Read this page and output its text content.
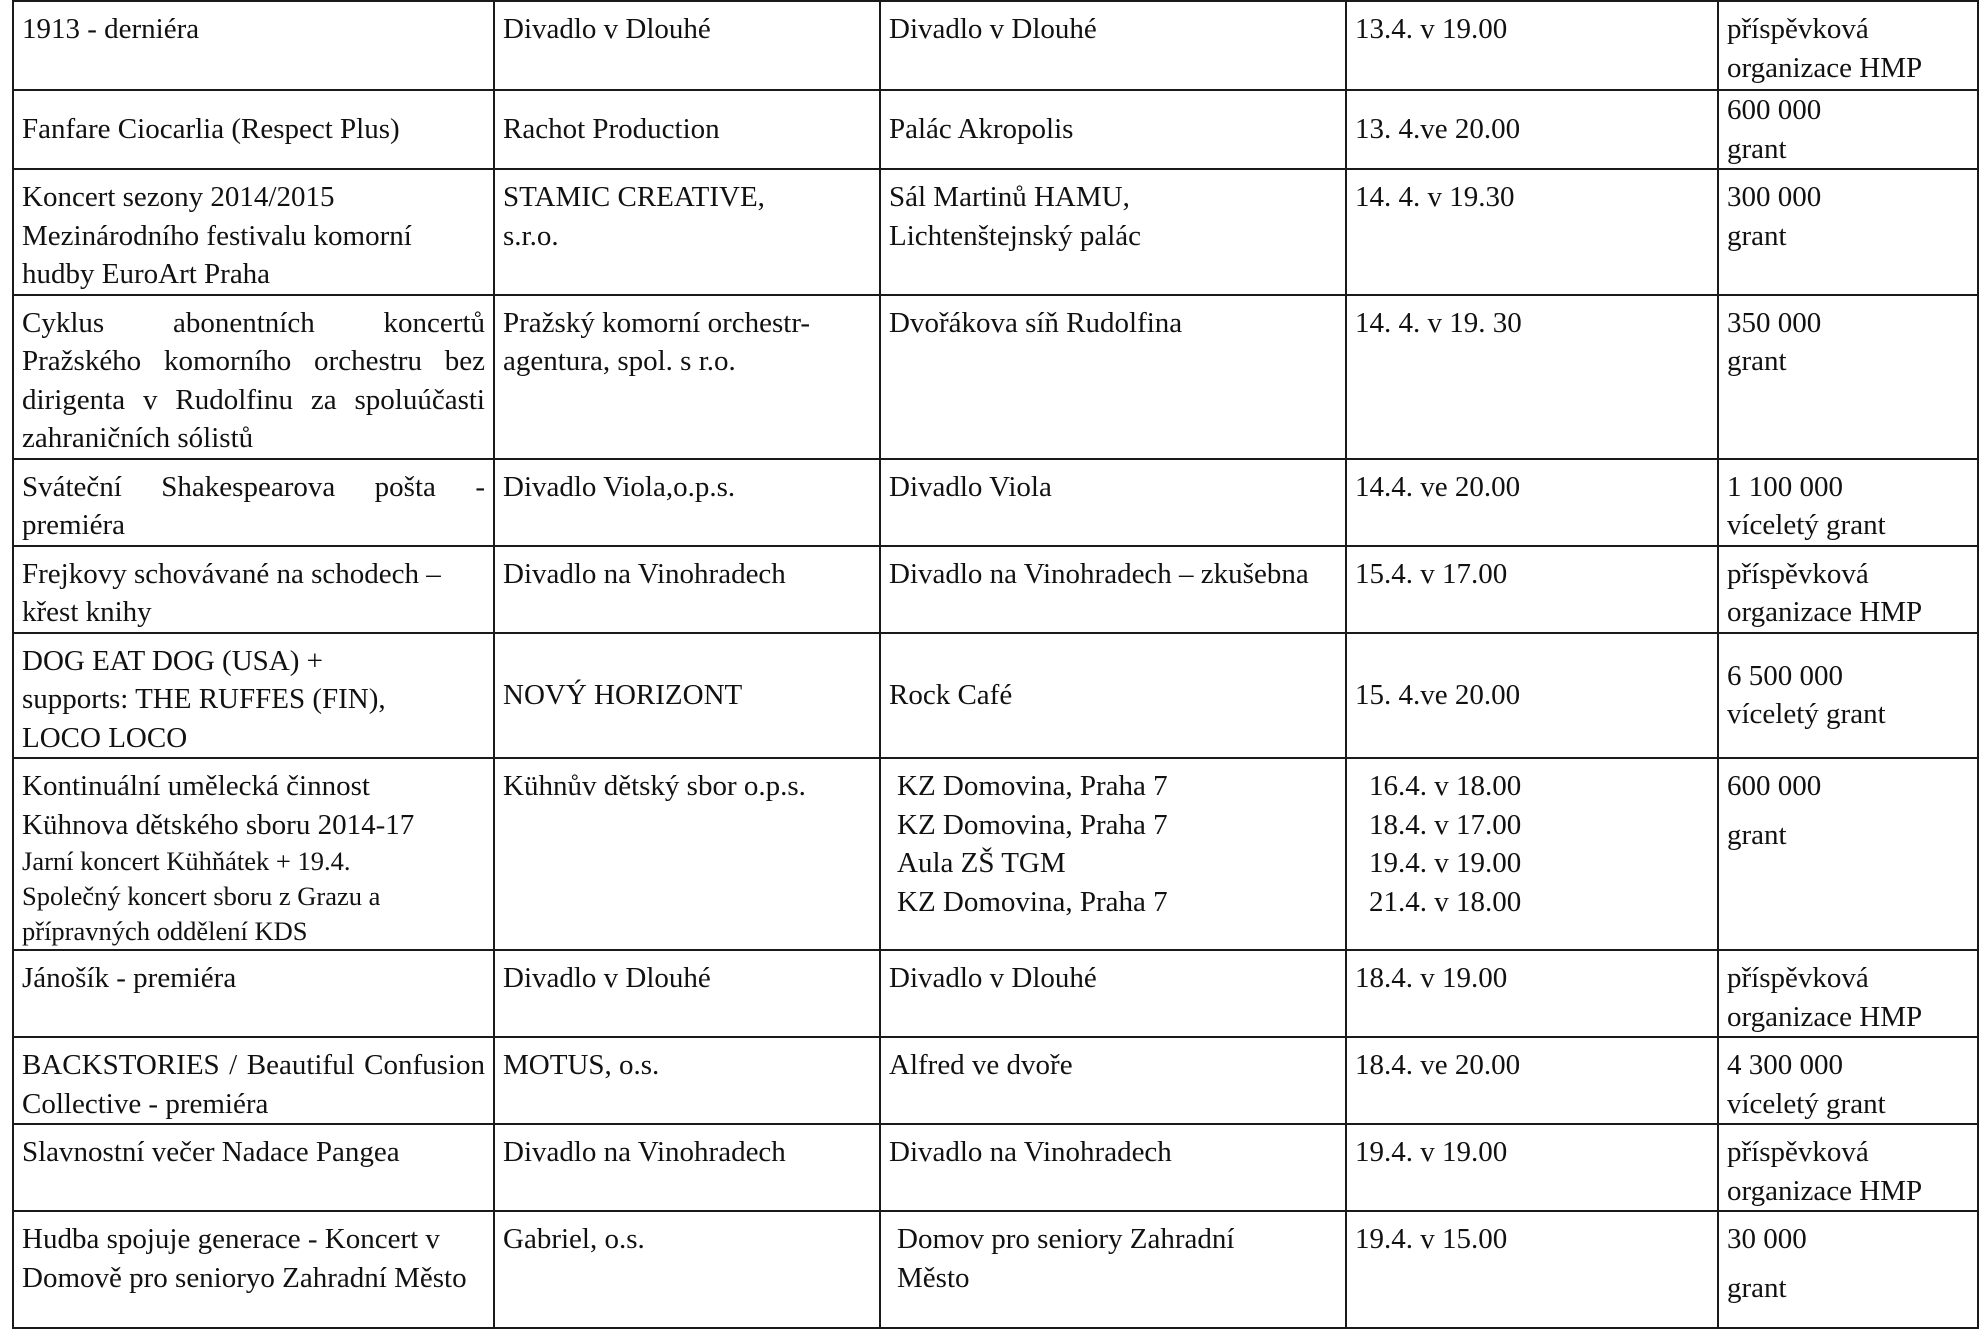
1913 - derniéra	Divadlo v Dlouhé	Divadlo v Dlouhé	13.4. v 19.00	příspěvková
organizace HMP

Fanfare Ciocarlia (Respect Plus)	Rachot Production	Palác Akropolis	13. 4.ve 20.00	600 000
grant

Koncert sezony 2014/2015
Mezinárodního festivalu komorní
hudby EuroArt Praha	STAMIC CREATIVE,
s.r.o.	Sál Martinů HAMU,
Lichtenštejnský palác	14. 4. v 19.30	300 000
grant

Cyklus abonentních koncertů Pražského komorního orchestru bez dirigenta v Rudolfinu za spoluúčasti zahraničních sólistů	Pražský komorní orchestr-
agentura, spol. s r.o.	Dvořákova síň Rudolfina	14. 4. v 19. 30	350 000
grant

Sváteční Shakespearova pošta - premiéra	Divadlo Viola,o.p.s.	Divadlo Viola	14.4. ve 20.00	1 100 000
víceletý grant

Frejkovy schovávané na schodech – křest knihy	Divadlo na Vinohradech	Divadlo na Vinohradech – zkušebna	15.4. v 17.00	příspěvková
organizace HMP

DOG EAT DOG (USA) +
supports: THE RUFFES (FIN),
LOCO LOCO	NOVÝ HORIZONT	Rock Café	15. 4.ve 20.00	6 500 000
víceletý grant

Kontinuální umělecká činnost
Kühnova dětského sboru 2014-17
Jarní koncert Kühňátek + 19.4.
Společný koncert sboru z Grazu a
přípravných oddělení KDS	Kühnův dětský sbor o.p.s.	KZ Domovina, Praha 7
KZ Domovina, Praha 7
Aula ZŠ TGM
KZ Domovina, Praha 7	16.4. v 18.00
18.4. v 17.00
19.4. v 19.00
21.4. v 18.00	600 000
grant

Jánošík - premiéra	Divadlo v Dlouhé	Divadlo v Dlouhé	18.4. v 19.00	příspěvková
organizace HMP

BACKSTORIES / Beautiful Confusion Collective - premiéra	MOTUS, o.s.	Alfred ve dvoře	18.4. ve 20.00	4 300 000
víceletý grant

Slavnostní večer Nadace Pangea	Divadlo na Vinohradech	Divadlo na Vinohradech	19.4. v 19.00	příspěvková
organizace HMP

Hudba spojuje generace - Koncert v Domově pro senioryo Zahradní Město	Gabriel, o.s.	Domov pro seniory Zahradní
Město	19.4. v 15.00	30 000
grant
